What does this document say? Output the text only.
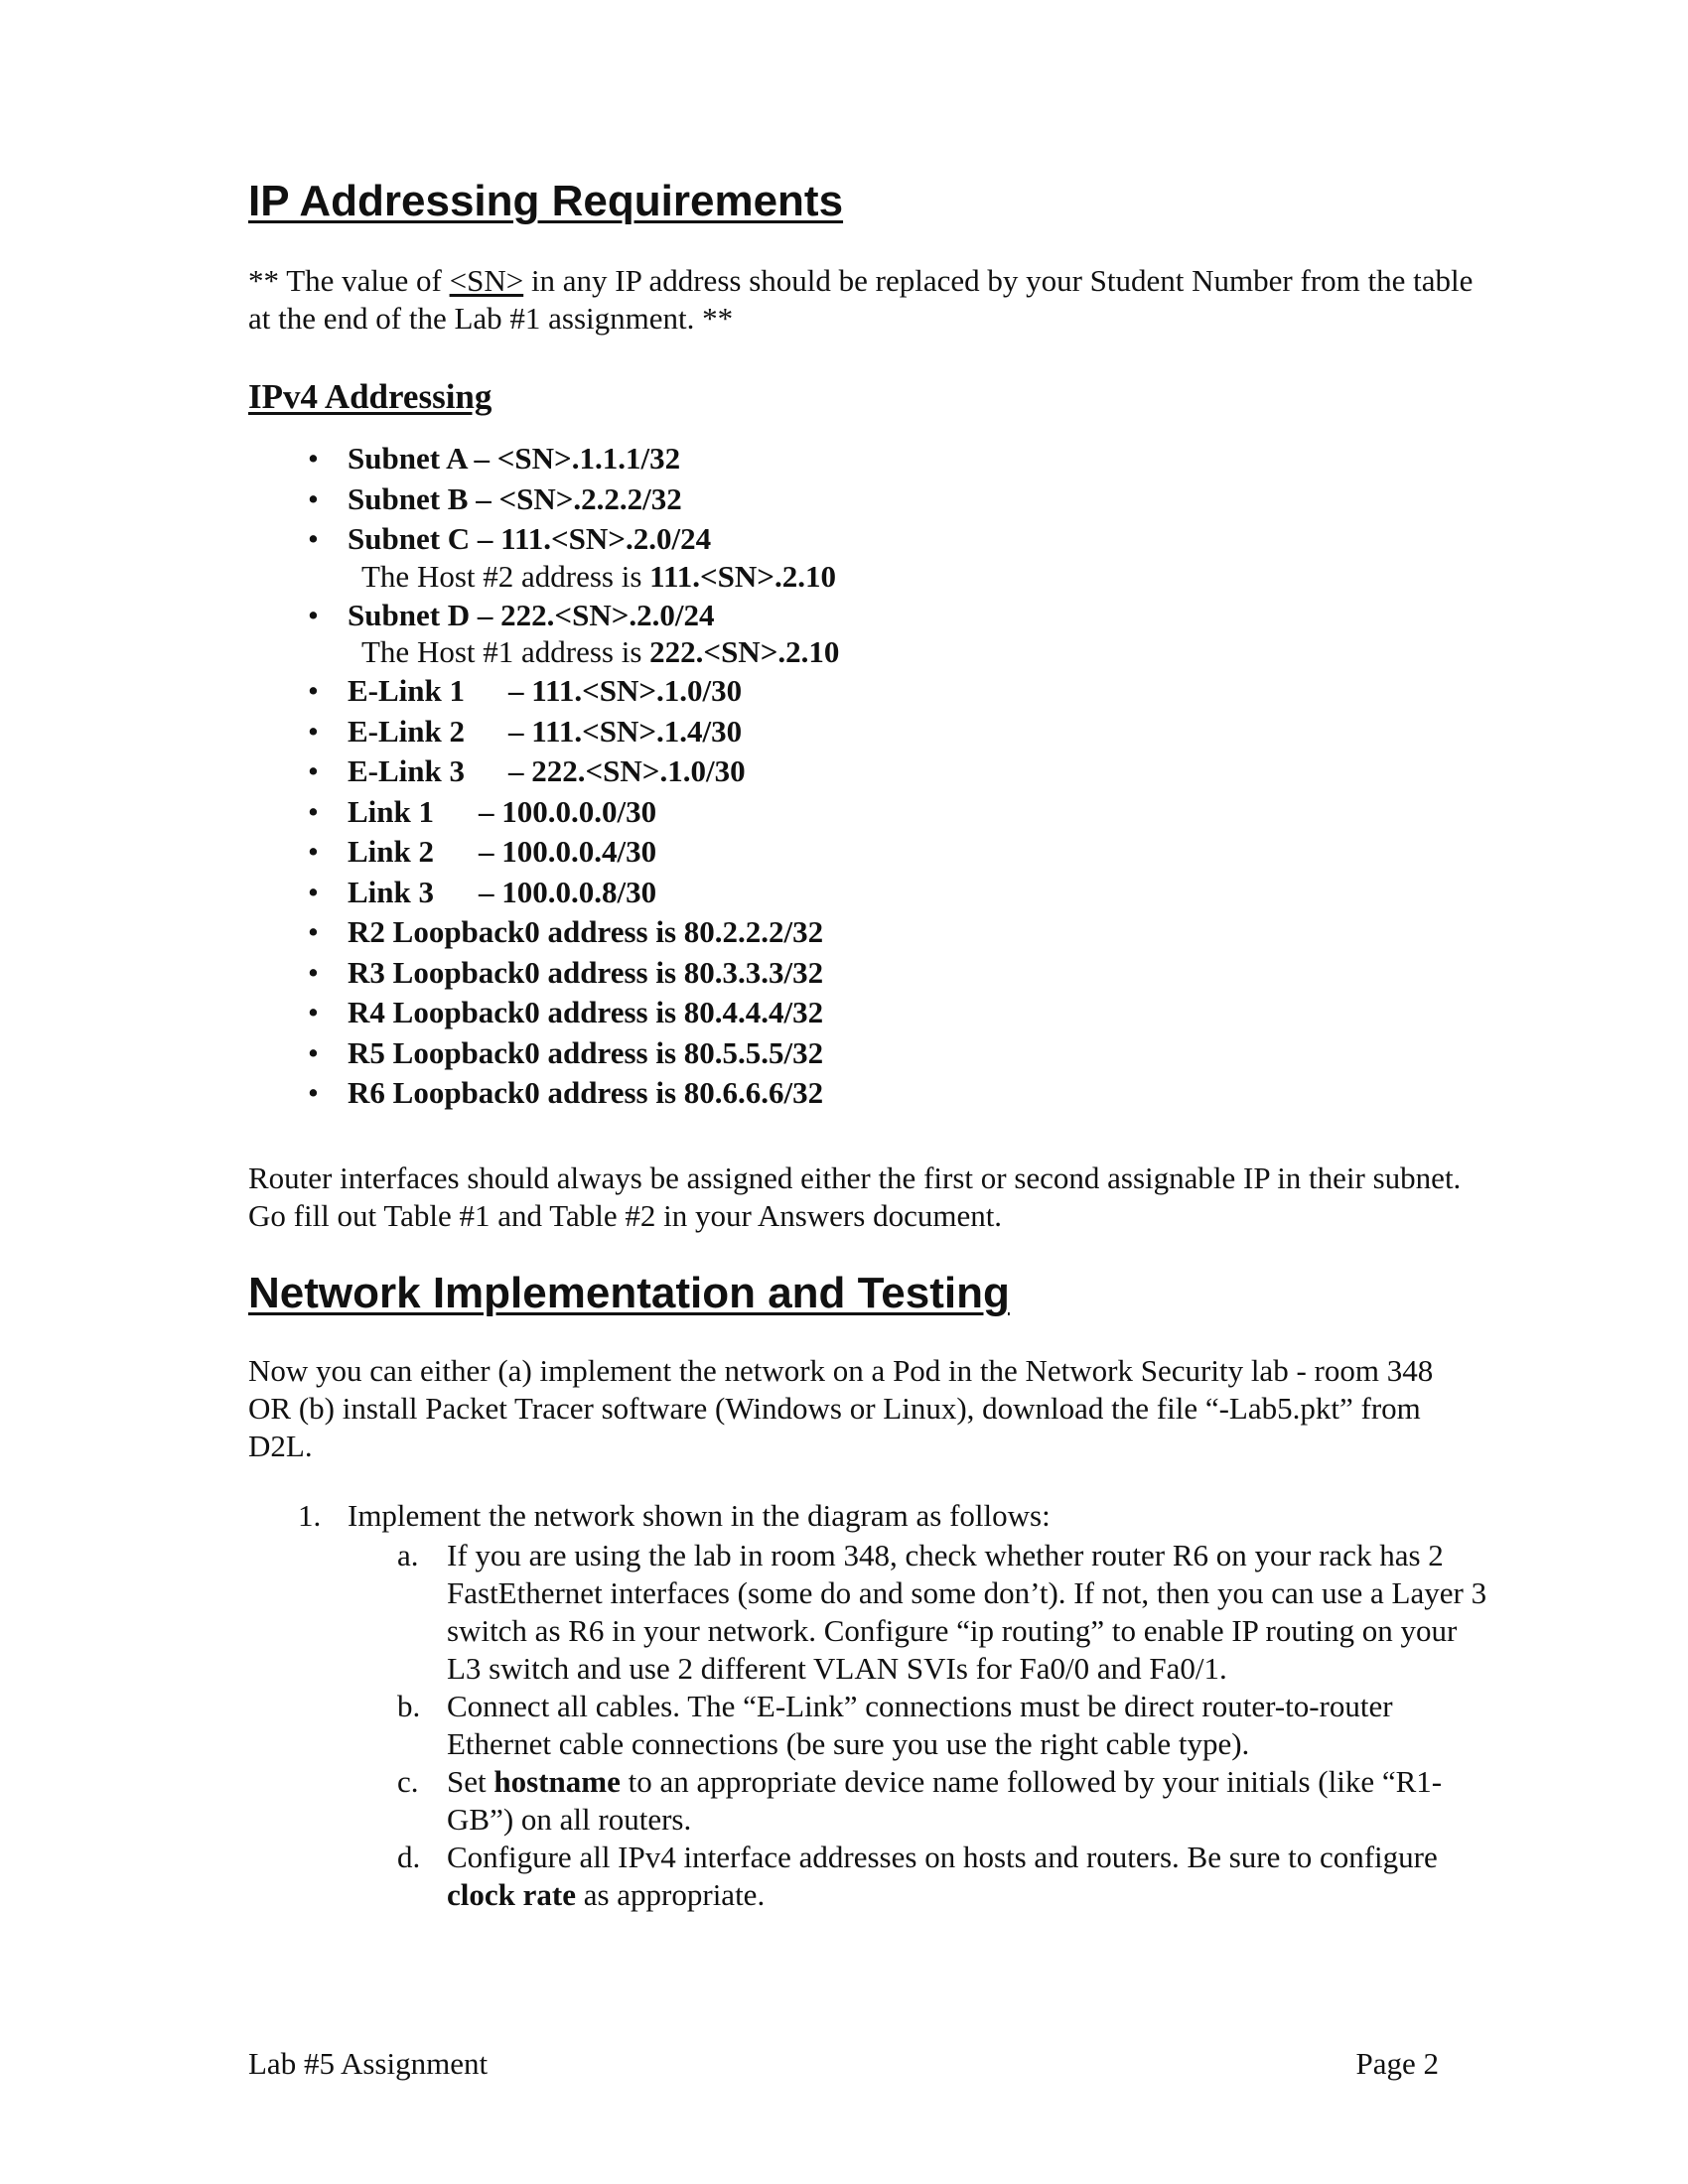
IP Addressing Requirements
** The value of <SN> in any IP address should be replaced by your Student Number from the table at the end of the Lab #1 assignment. **
IPv4 Addressing
• Subnet A – <SN>.1.1.1/32
• Subnet B – <SN>.2.2.2/32
• Subnet C – 111.<SN>.2.0/24
The Host #2 address is 111.<SN>.2.10
• Subnet D – 222.<SN>.2.0/24
The Host #1 address is 222.<SN>.2.10
• E-Link 1 – 111.<SN>.1.0/30
• E-Link 2 – 111.<SN>.1.4/30
• E-Link 3 – 222.<SN>.1.0/30
• Link 1 – 100.0.0.0/30
• Link 2 – 100.0.0.4/30
• Link 3 – 100.0.0.8/30
• R2 Loopback0 address is 80.2.2.2/32
• R3 Loopback0 address is 80.3.3.3/32
• R4 Loopback0 address is 80.4.4.4/32
• R5 Loopback0 address is 80.5.5.5/32
• R6 Loopback0 address is 80.6.6.6/32
Router interfaces should always be assigned either the first or second assignable IP in their subnet. Go fill out Table #1 and Table #2 in your Answers document.
Network Implementation and Testing
Now you can either (a) implement the network on a Pod in the Network Security lab - room 348 OR (b) install Packet Tracer software (Windows or Linux), download the file “-Lab5.pkt” from D2L.
1. Implement the network shown in the diagram as follows:
a. If you are using the lab in room 348, check whether router R6 on your rack has 2 FastEthernet interfaces (some do and some don’t). If not, then you can use a Layer 3 switch as R6 in your network. Configure “ip routing” to enable IP routing on your L3 switch and use 2 different VLAN SVIs for Fa0/0 and Fa0/1.
b. Connect all cables. The “E-Link” connections must be direct router-to-router Ethernet cable connections (be sure you use the right cable type).
c. Set hostname to an appropriate device name followed by your initials (like “R1-GB”) on all routers.
d. Configure all IPv4 interface addresses on hosts and routers. Be sure to configure clock rate as appropriate.
Lab #5 Assignment	Page 2
